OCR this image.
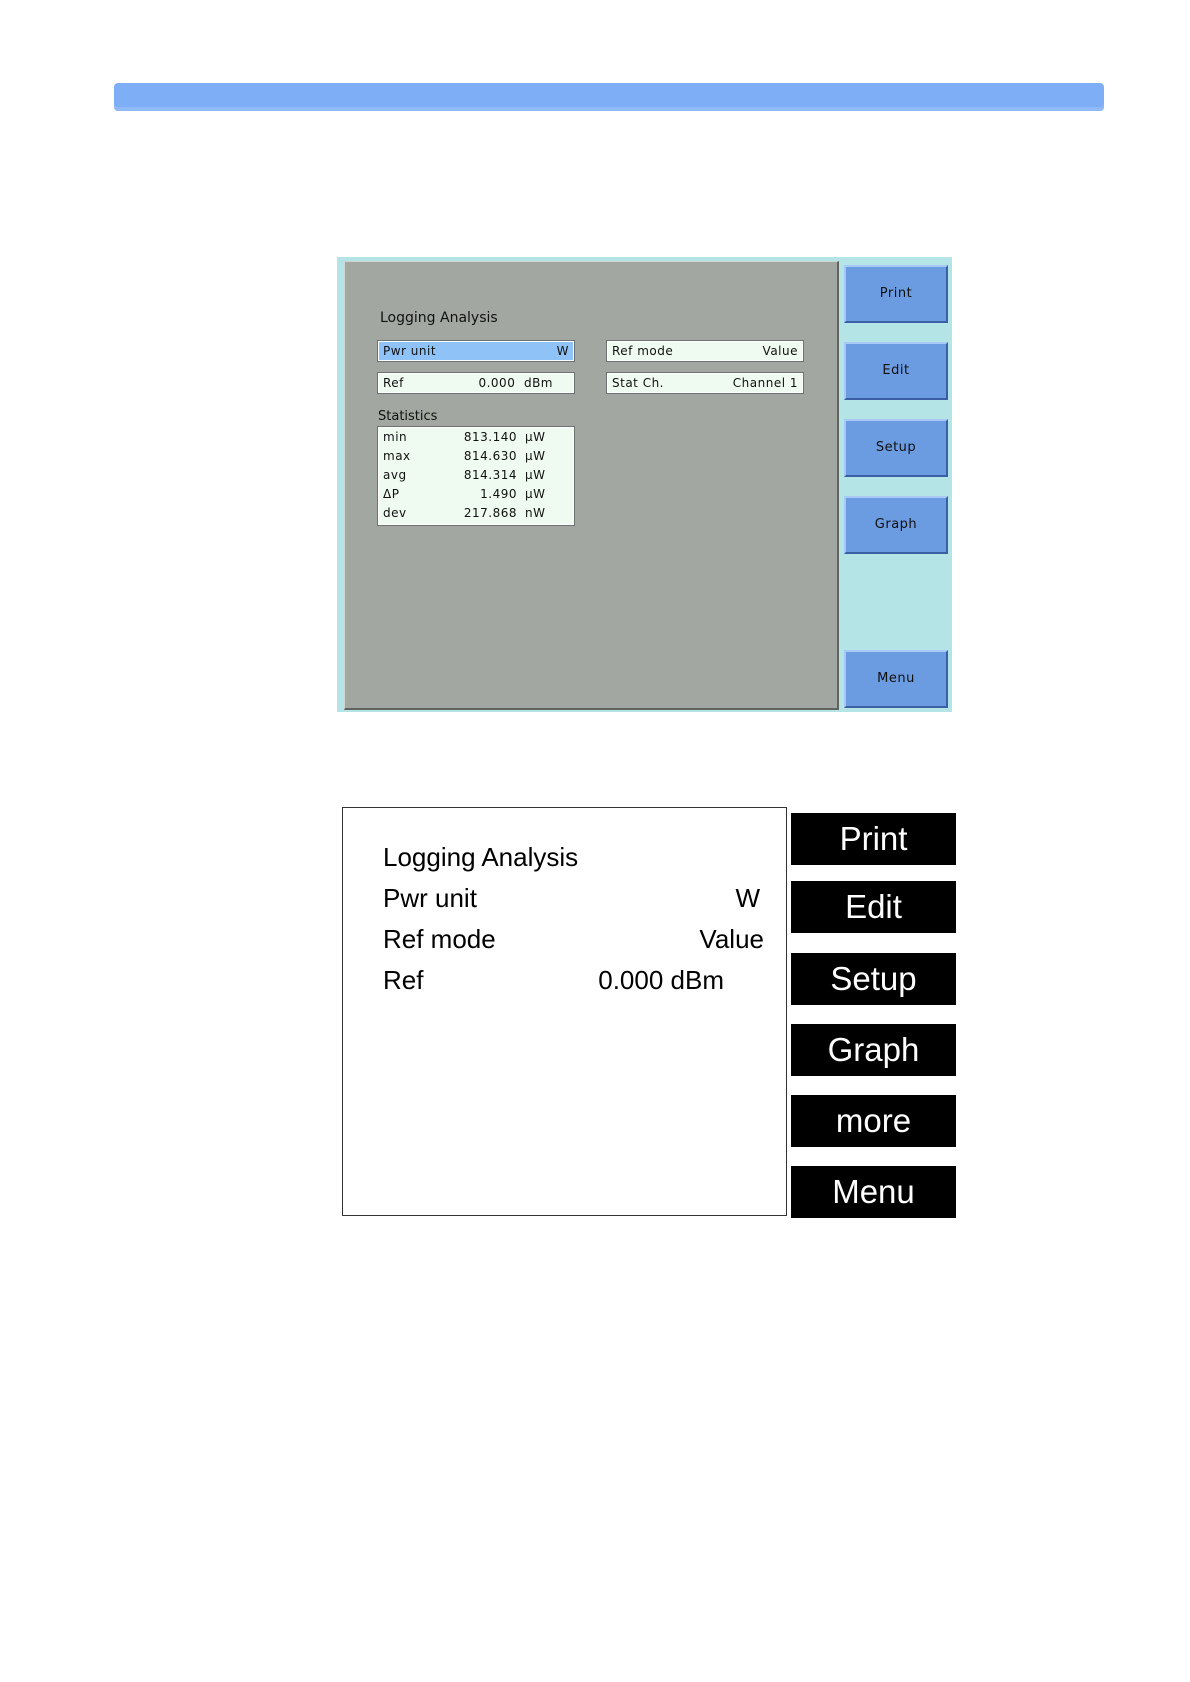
Logging Analysis
Pwr unit	W	Ref mode	Value
Ref	0.000  dBm	Stat Ch.	Channel 1
Statistics
min	813.140 µW
max	814.630 µW
avg	814.314 µW
ΔP	1.490 µW
dev	217.868 nW
Print
Edit
Setup
Graph
Menu
Logging Analysis
Pwr unit	W
Ref mode	Value
Ref	0.000 dBm
Print
Edit
Setup
Graph
more
Menu
